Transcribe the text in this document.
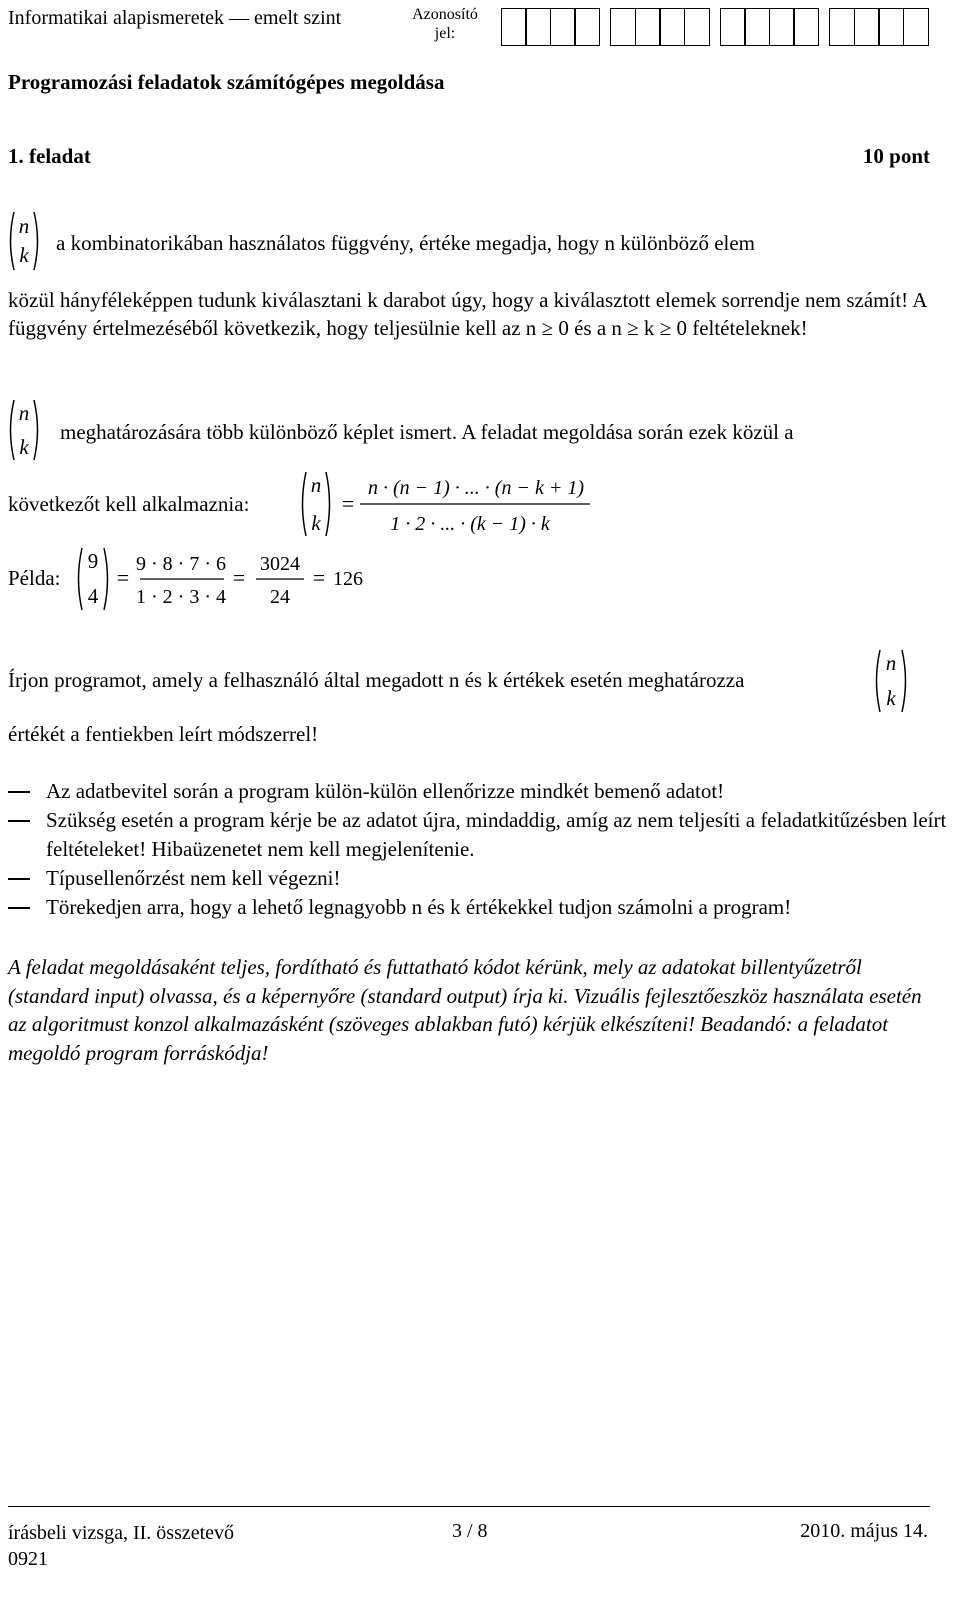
Informatikai alapismeretek — emelt szint	Azonosító jel:
Programozási feladatok számítógépes megoldása
1. feladat	10 pont
n
k a kombinatorikában használatos függvény, értéke megadja, hogy n különböző elem
közül hányféleképpen tudunk kiválasztani k darabot úgy, hogy a kiválasztott elemek sorrendje nem számít! A függvény értelmezéséből következik, hogy teljesülnie kell az n ≥ 0 és a n ≥ k ≥ 0 feltételeknek!
n
k
meghatározására több különböző képlet ismert. A feladat megoldása során ezek közül a
következőt kell alkalmaznia:
n
k
=
n · (n − 1) · ... · (n − k + 1)
1 · 2 · ... · (k − 1) · k
Példa:
9
4
=
9 · 8 · 7 · 6
1 · 2 · 3 · 4
=
3024
24
= 126
Írjon programot, amely a felhasználó által megadott n és k értékek esetén meghatározza
n
k
értékét a fentiekben leírt módszerrel!
Az adatbevitel során a program külön-külön ellenőrizze mindkét bemenő adatot!
Szükség esetén a program kérje be az adatot újra, mindaddig, amíg az nem teljesíti a feladatkitűzésben leírt feltételeket! Hibaüzenetet nem kell megjelenítenie.
Típusellenőrzést nem kell végezni!
Törekedjen arra, hogy a lehető legnagyobb n és k értékekkel tudjon számolni a program!
A feladat megoldásaként teljes, fordítható és futtatható kódot kérünk, mely az adatokat billentyűzetről (standard input) olvassa, és a képernyőre (standard output) írja ki. Vizuális fejlesztőeszköz használata esetén az algoritmust konzol alkalmazásként (szöveges ablakban futó) kérjük elkészíteni! Beadandó: a feladatot megoldó program forráskódja!
írásbeli vizsga, II. összetevő
0921
3 / 8	2010. május 14.
